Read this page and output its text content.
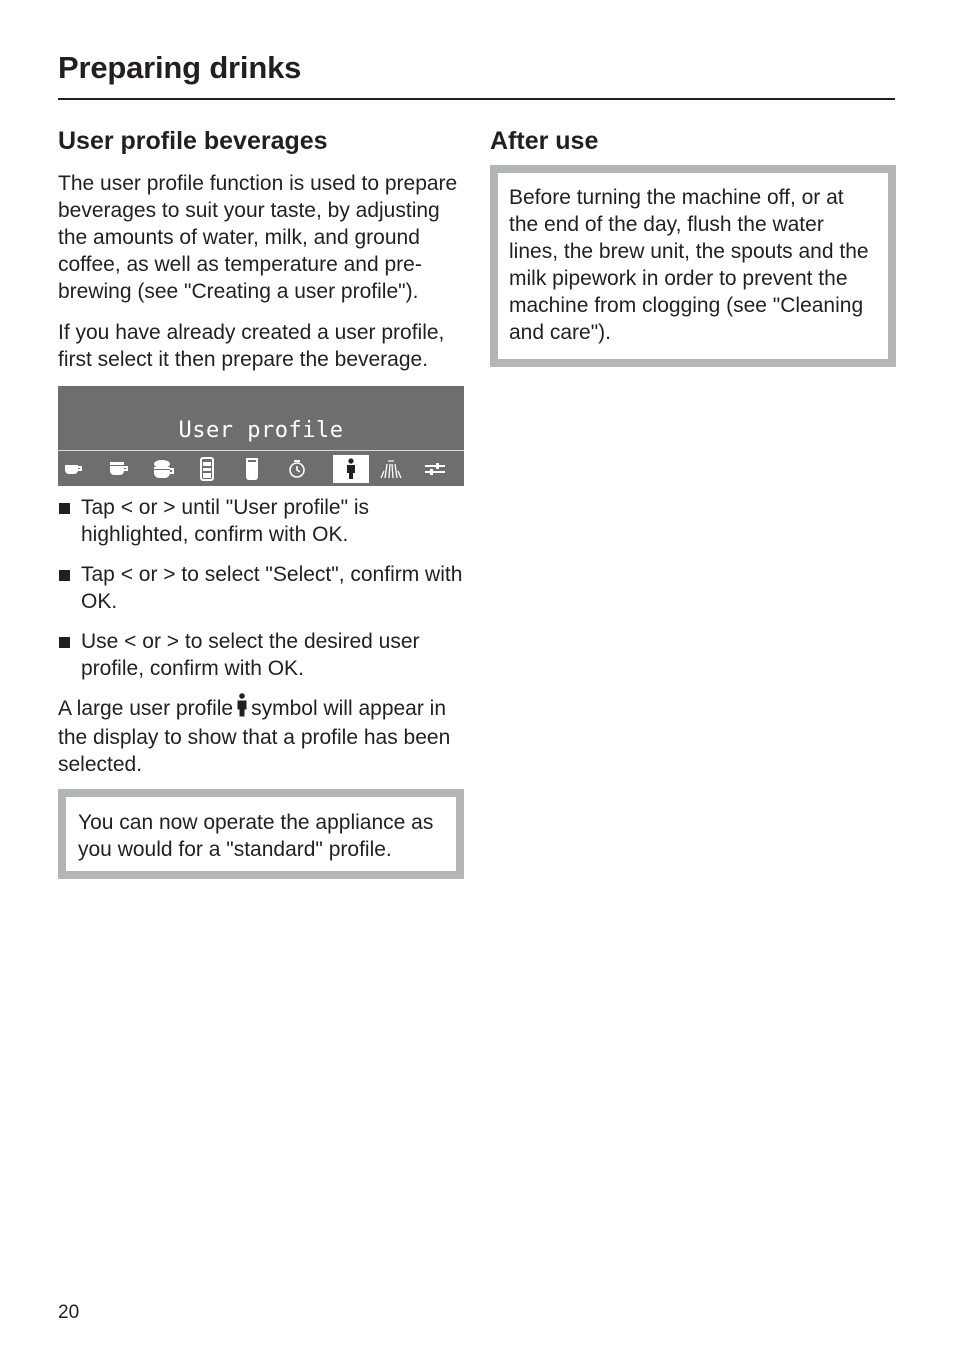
Preparing drinks
User profile beverages

The user profile function is used to prepare beverages to suit your taste, by adjusting the amounts of water, milk, and ground coffee, as well as temperature and pre-brewing (see "Creating a user profile").

If you have already created a user profile, first select it then prepare the beverage.

User profile
Tap < or > until "User profile" is highlighted, confirm with OK.
Tap < or > to select "Select", confirm with OK.
Use < or > to select the desired user profile, confirm with OK.

A large user profile symbol will appear in the display to show that a profile has been selected.

You can now operate the appliance as you would for a "standard" profile.

After use

Before turning the machine off, or at the end of the day, flush the water lines, the brew unit, the spouts and the milk pipework in order to prevent the machine from clogging (see "Cleaning and care").

20
